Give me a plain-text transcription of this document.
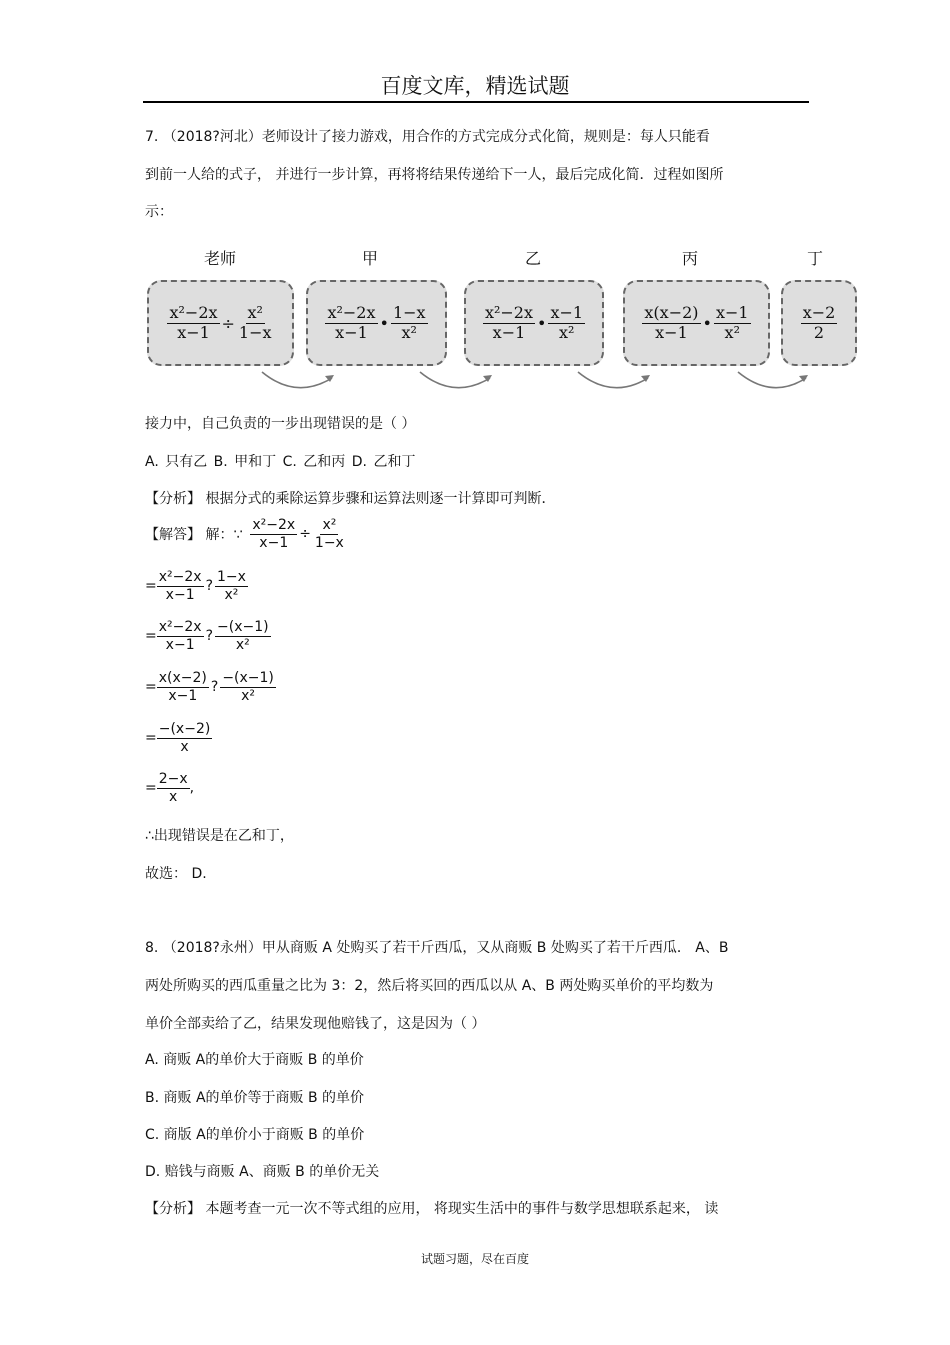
百度文库，精选试题
7. （2018?河北）老师设计了接力游戏，用合作的方式完成分式化简，规则是：每人只能看
到前一人给的式子， 并进行一步计算，再将将结果传递给下一人，最后完成化简．过程如图所
示：
老师	甲	乙	丙	丁
$\frac{\text{x²−2x}}{x-1} \div \frac{\text{x²}}{1-x}$	$\frac{\text{x²−2x}}{x-1}$ • $\frac{1-x}{\text{x²}}$	$\frac{\text{x²−2x}}{x-1}$ • $\frac{x-1}{\text{x²}}$	$\frac{x(x-2)}{x-1}$ • $\frac{x-1}{\text{x²}}$	$\frac{x-2}{2}$
接力中，自己负责的一步出现错误的是（ ）
A. 只有乙 B. 甲和丁 C. 乙和丙 D. 乙和丁
【分析】 根据分式的乘除运算步骤和运算法则逐一计算即可判断．
【解答】 解：∵ $\frac{\text{x²−2x}}{x-1} \div \frac{\text{x²}}{1-x}$
= $\frac{\text{x²−2x}}{x-1}$ ? $\frac{1-x}{\text{x²}}$
= $\frac{\text{x²−2x}}{x-1}$ ? $\frac{-(x-1)}{\text{x²}}$
= $\frac{x(x-2)}{x-1}$ ? $\frac{-(x-1)}{\text{x²}}$
= $\frac{-(x-2)}{x}$
= $\frac{2-x}{x}$ ,
∴出现错误是在乙和丁，
故选： D.
8. （2018?永州）甲从商贩 A 处购买了若干斤西瓜，又从商贩 B 处购买了若干斤西瓜． A、B
两处所购买的西瓜重量之比为 3：2，然后将买回的西瓜以从 A、B 两处购买单价的平均数为
单价全部卖给了乙，结果发现他赔钱了，这是因为（ ）
A. 商贩 A的单价大于商贩 B 的单价
B. 商贩 A的单价等于商贩 B 的单价
C. 商版 A的单价小于商贩 B 的单价
D. 赔钱与商贩 A、商贩 B 的单价无关
【分析】 本题考查一元一次不等式组的应用， 将现实生活中的事件与数学思想联系起来， 读
试题习题，尽在百度
